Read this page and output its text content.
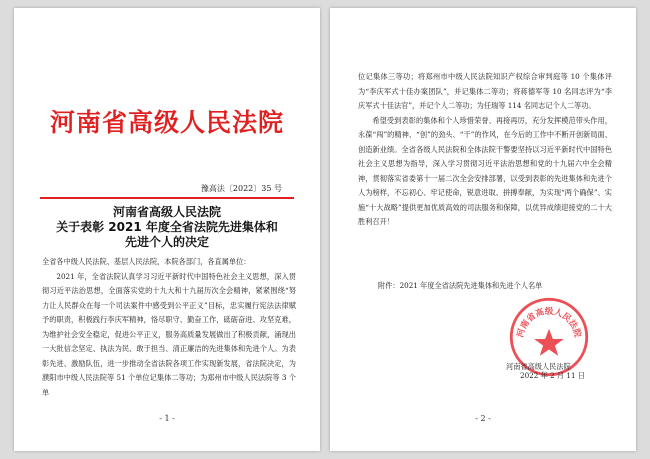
河南省高级人民法院
豫高法〔2022〕35 号
河南省高级人民法院
关于表彰 2021 年度全省法院先进集体和
先进个人的决定

全省各中级人民法院、基层人民法院，本院各部门，各直属单位：

2021 年，全省法院认真学习习近平新时代中国特色社会主义思想，深入贯彻习近平法治思想，全面落实党的十九大和十九届历次全会精神，紧紧围绕“努力让人民群众在每一个司法案件中感受到公平正义”目标，忠实履行宪法法律赋予的职责，积极践行李庆军精神，恪尽职守、勤奋工作，砥砺奋进、攻坚克难，为维护社会安全稳定，促进公平正义，服务高质量发展做出了积极贡献，涌现出一大批信念坚定、执法为民、敢于担当、清正廉洁的先进集体和先进个人。为表彰先进、激励队伍，进一步推动全省法院各项工作实现新发展，省法院决定，为濮阳市中级人民法院等 51 个单位记集体二等功；为郑州市中级人民法院等 3 个单

- 1 -

位记集体三等功；将郑州市中级人民法院知识产权综合审判庭等 10 个集体评为“李庆军式十佳办案团队”，并记集体二等功；将蒋德军等 10 名同志评为“李庆军式十佳法官”，并记个人二等功；为任瑞等 114 名同志记个人二等功。

希望受到表彰的集体和个人珍惜荣誉、再接再厉，充分发挥模范带头作用，永葆“闯”的精神、“创”的劲头、“干”的作风，在今后的工作中不断开创新局面、创造新业绩。全省各级人民法院和全体法院干警要坚持以习近平新时代中国特色社会主义思想为指导，深入学习贯彻习近平法治思想和党的十九届六中全会精神，贯彻落实省委第十一届二次全会安排部署，以受到表彰的先进集体和先进个人为榜样，不忘初心、牢记使命，锐意进取、拼搏奉献，为实现“两个确保”、实施“十大战略”提供更加优质高效的司法服务和保障，以优异成绩迎接党的二十大胜利召开！

附件：2021 年度全省法院先进集体和先进个人名单
河南省高级人民法院
河南省高级人民法院
2022 年 2 月 11 日
- 2 -
